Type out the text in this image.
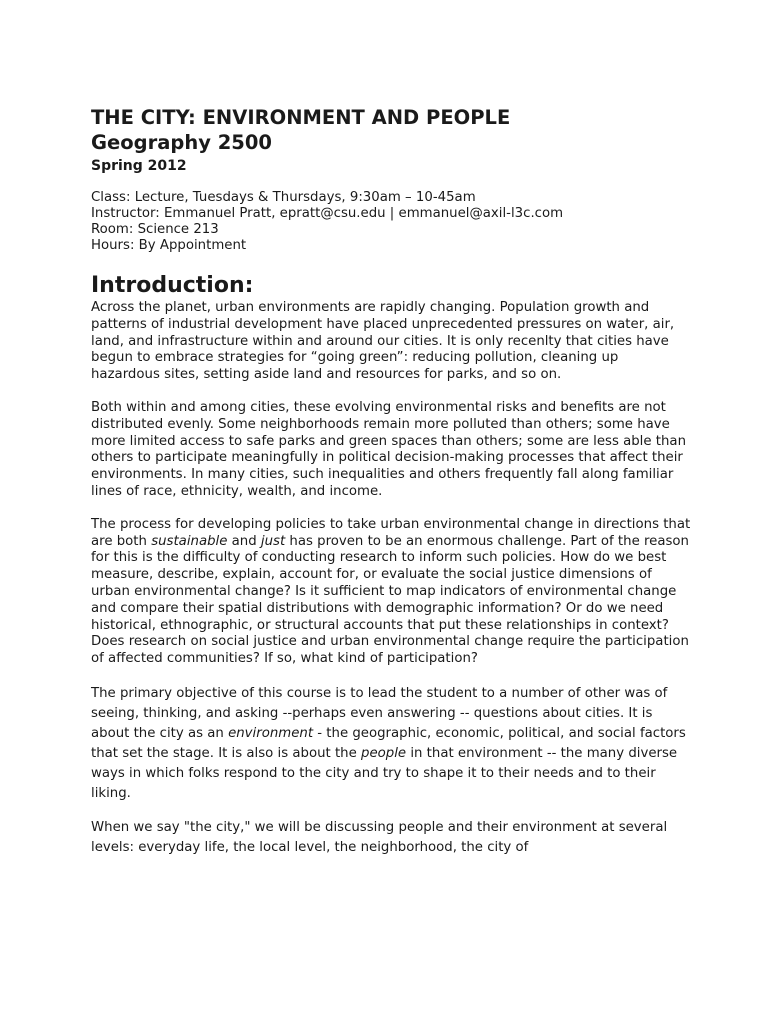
THE CITY: ENVIRONMENT AND PEOPLE
Geography 2500
Spring 2012

Class: Lecture, Tuesdays & Thursdays, 9:30am – 10-45am

Instructor: Emmanuel Pratt, epratt@csu.edu | emmanuel@axil-l3c.com

Room: Science 213

Hours: By Appointment

Introduction:

Across the planet, urban environments are rapidly changing. Population growth and patterns of industrial development have placed unprecedented pressures on water, air, land, and infrastructure within and around our cities. It is only recenlty that cities have begun to embrace strategies for “going green”: reducing pollution, cleaning up hazardous sites, setting aside land and resources for parks, and so on.

Both within and among cities, these evolving environmental risks and benefits are not distributed evenly. Some neighborhoods remain more polluted than others; some have more limited access to safe parks and green spaces than others; some are less able than others to participate meaningfully in political decision-making processes that affect their environments. In many cities, such inequalities and others frequently fall along familiar lines of race, ethnicity, wealth, and income.

The process for developing policies to take urban environmental change in directions that are both sustainable and just has proven to be an enormous challenge. Part of the reason for this is the difficulty of conducting research to inform such policies. How do we best measure, describe, explain, account for, or evaluate the social justice dimensions of urban environmental change? Is it sufficient to map indicators of environmental change and compare their spatial distributions with demographic information? Or do we need historical, ethnographic, or structural accounts that put these relationships in context? Does research on social justice and urban environmental change require the participation of affected communities? If so, what kind of participation?

The primary objective of this course is to lead the student to a number of other was of seeing, thinking, and asking --perhaps even answering -- questions about cities. It is about the city as an environment - the geographic, economic, political, and social factors that set the stage. It is also is about the people in that environment -- the many diverse ways in which folks respond to the city and try to shape it to their needs and to their liking.

When we say "the city," we will be discussing people and their environment at several levels: everyday life, the local level, the neighborhood, the city of
